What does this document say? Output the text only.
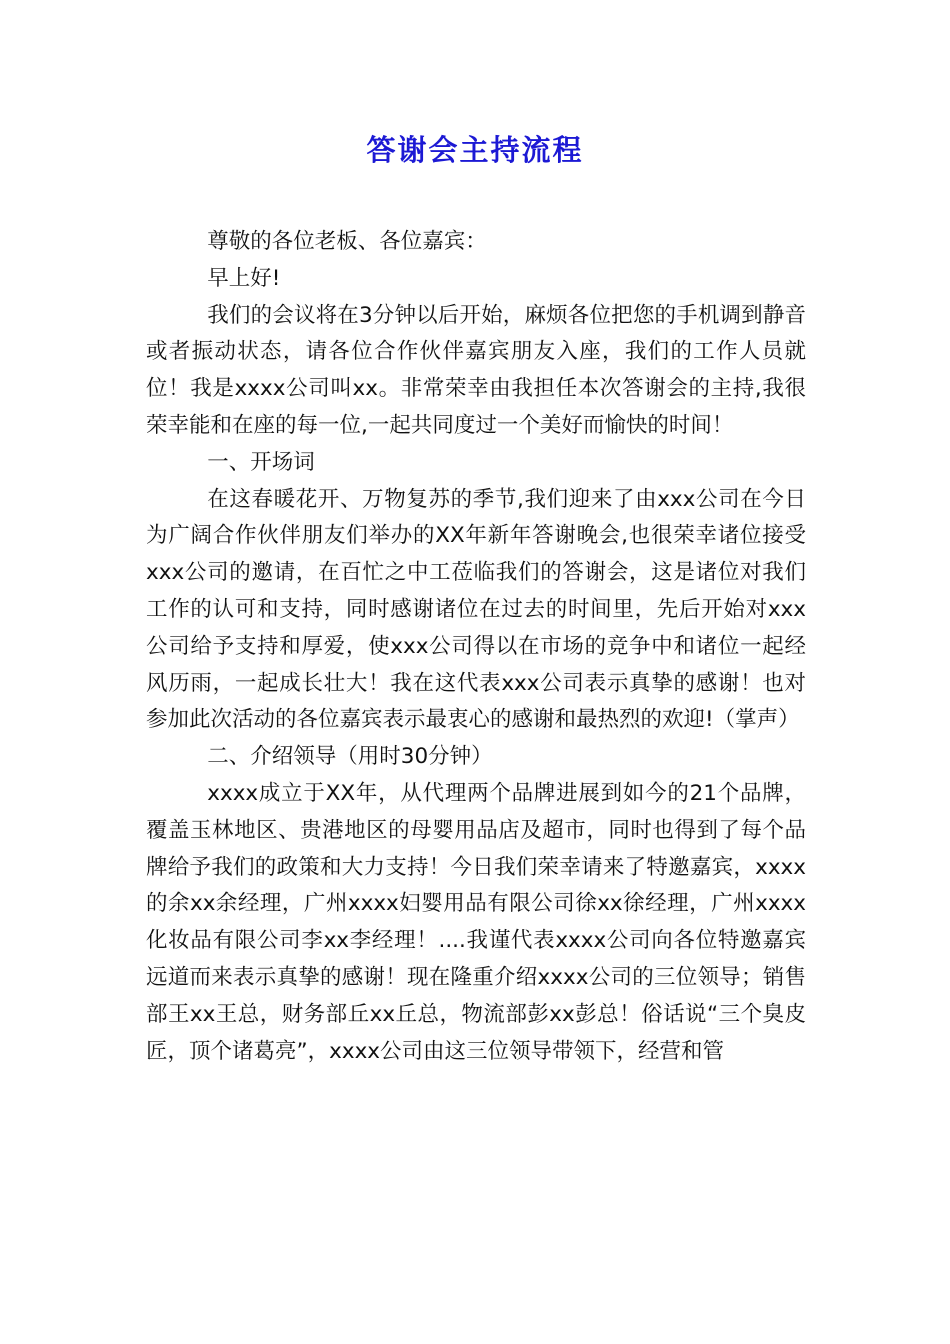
答谢会主持流程

尊敬的各位老板、各位嘉宾：

早上好!

我们的会议将在3分钟以后开始，麻烦各位把您的手机调到静音或者振动状态，请各位合作伙伴嘉宾朋友入座，我们的工作人员就位！我是xxxx公司叫xx。非常荣幸由我担任本次答谢会的主持,我很荣幸能和在座的每一位,一起共同度过一个美好而愉快的时间！

一、开场词

在这春暖花开、万物复苏的季节,我们迎来了由xxx公司在今日为广阔合作伙伴朋友们举办的XX年新年答谢晚会,也很荣幸诸位接受xxx公司的邀请，在百忙之中工莅临我们的答谢会，这是诸位对我们工作的认可和支持，同时感谢诸位在过去的时间里，先后开始对xxx公司给予支持和厚爱，使xxx公司得以在市场的竞争中和诸位一起经风历雨，一起成长壮大！我在这代表xxx公司表示真挚的感谢！也对参加此次活动的各位嘉宾表示最衷心的感谢和最热烈的欢迎!（掌声）

二、介绍领导（用时30分钟）

xxxx成立于XX年，从代理两个品牌进展到如今的21个品牌，覆盖玉林地区、贵港地区的母婴用品店及超市，同时也得到了每个品牌给予我们的政策和大力支持！今日我们荣幸请来了特邀嘉宾，xxxx的余xx余经理，广州xxxx妇婴用品有限公司徐xx徐经理，广州xxxx化妆品有限公司李xx李经理！....我谨代表xxxx公司向各位特邀嘉宾远道而来表示真挚的感谢！现在隆重介绍xxxx公司的三位领导；销售部王xx王总，财务部丘xx丘总，物流部彭xx彭总！俗话说“三个臭皮匠，顶个诸葛亮”，xxxx公司由这三位领导带领下，经营和管
